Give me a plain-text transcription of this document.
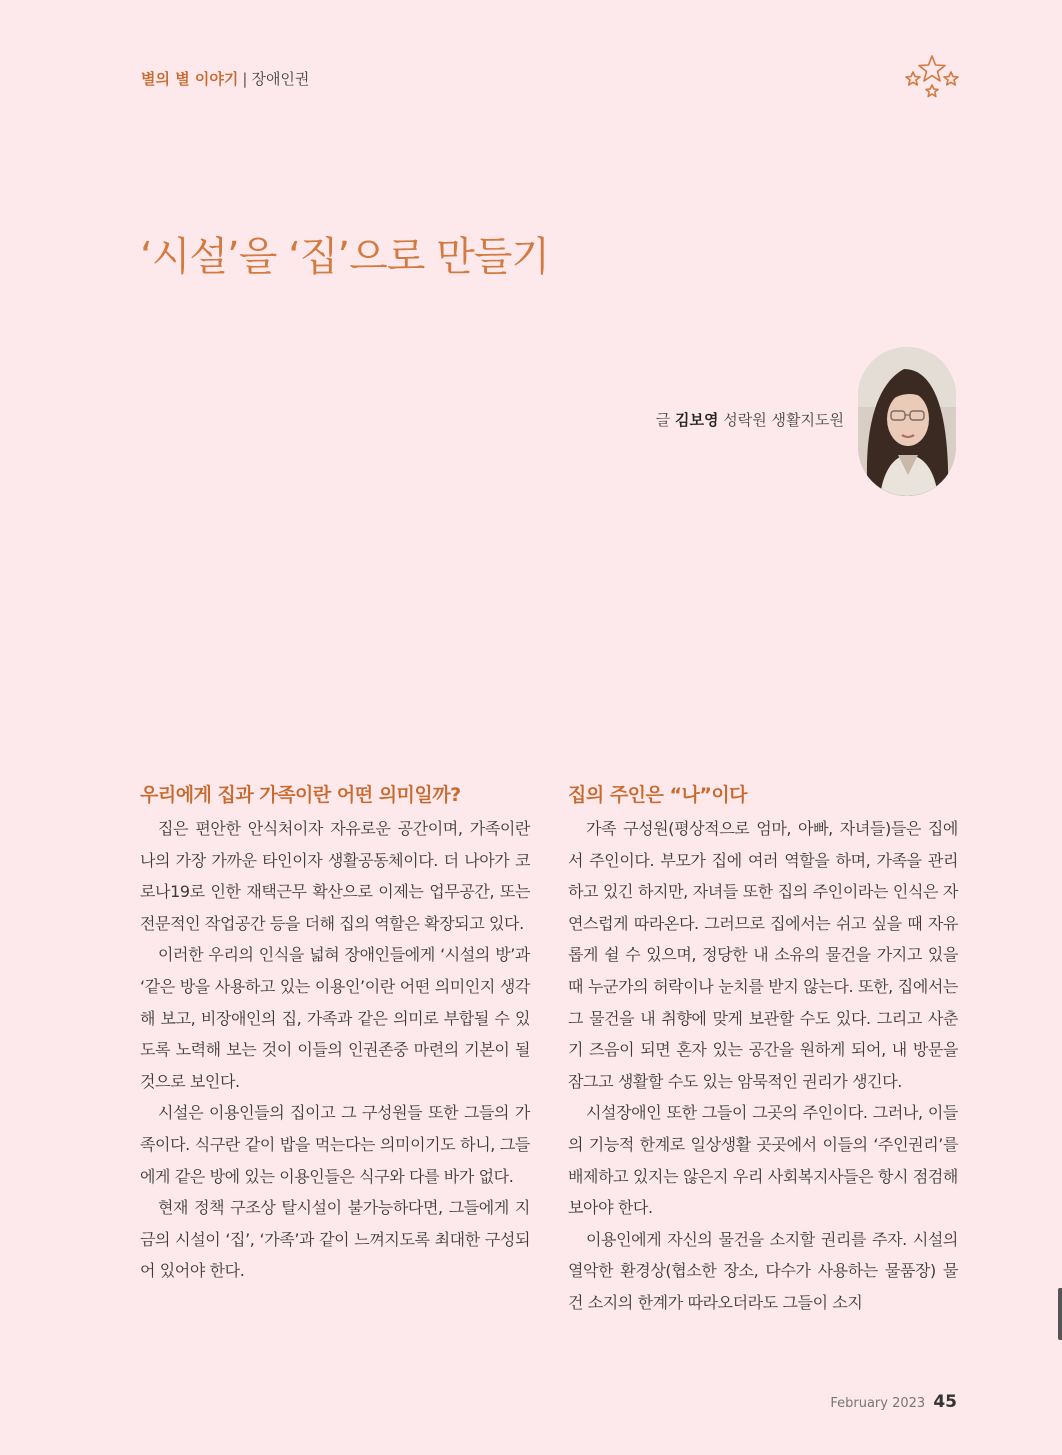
별의 별 이야기 | 장애인권
‘시설’을 ‘집’으로 만들기
글 김보영 성락원 생활지도원
우리에게 집과 가족이란 어떤 의미일까?

집은 편안한 안식처이자 자유로운 공간이며, 가족이란 나의 가장 가까운 타인이자 생활공동체이다. 더 나아가 코로나19로 인한 재택근무 확산으로 이제는 업무공간, 또는 전문적인 작업공간 등을 더해 집의 역할은 확장되고 있다.

이러한 우리의 인식을 넓혀 장애인들에게 ‘시설의 방’과 ‘같은 방을 사용하고 있는 이용인’이란 어떤 의미인지 생각해 보고, 비장애인의 집, 가족과 같은 의미로 부합될 수 있도록 노력해 보는 것이 이들의 인권존중 마련의 기본이 될 것으로 보인다.

시설은 이용인들의 집이고 그 구성원들 또한 그들의 가족이다. 식구란 같이 밥을 먹는다는 의미이기도 하니, 그들에게 같은 방에 있는 이용인들은 식구와 다를 바가 없다.

현재 정책 구조상 탈시설이 불가능하다면, 그들에게 지금의 시설이 ‘집’, ‘가족’과 같이 느껴지도록 최대한 구성되어 있어야 한다.

집의 주인은 “나”이다

가족 구성원(평상적으로 엄마, 아빠, 자녀들)들은 집에서 주인이다. 부모가 집에 여러 역할을 하며, 가족을 관리하고 있긴 하지만, 자녀들 또한 집의 주인이라는 인식은 자연스럽게 따라온다. 그러므로 집에서는 쉬고 싶을 때 자유롭게 쉴 수 있으며, 정당한 내 소유의 물건을 가지고 있을 때 누군가의 허락이나 눈치를 받지 않는다. 또한, 집에서는 그 물건을 내 취향에 맞게 보관할 수도 있다. 그리고 사춘기 즈음이 되면 혼자 있는 공간을 원하게 되어, 내 방문을 잠그고 생활할 수도 있는 암묵적인 권리가 생긴다.

시설장애인 또한 그들이 그곳의 주인이다. 그러나, 이들의 기능적 한계로 일상생활 곳곳에서 이들의 ‘주인권리’를 배제하고 있지는 않은지 우리 사회복지사들은 항시 점검해 보아야 한다.

이용인에게 자신의 물건을 소지할 권리를 주자. 시설의 열악한 환경상(협소한 장소, 다수가 사용하는 물품장) 물건 소지의 한계가 따라오더라도 그들이 소지

February 2023 45
